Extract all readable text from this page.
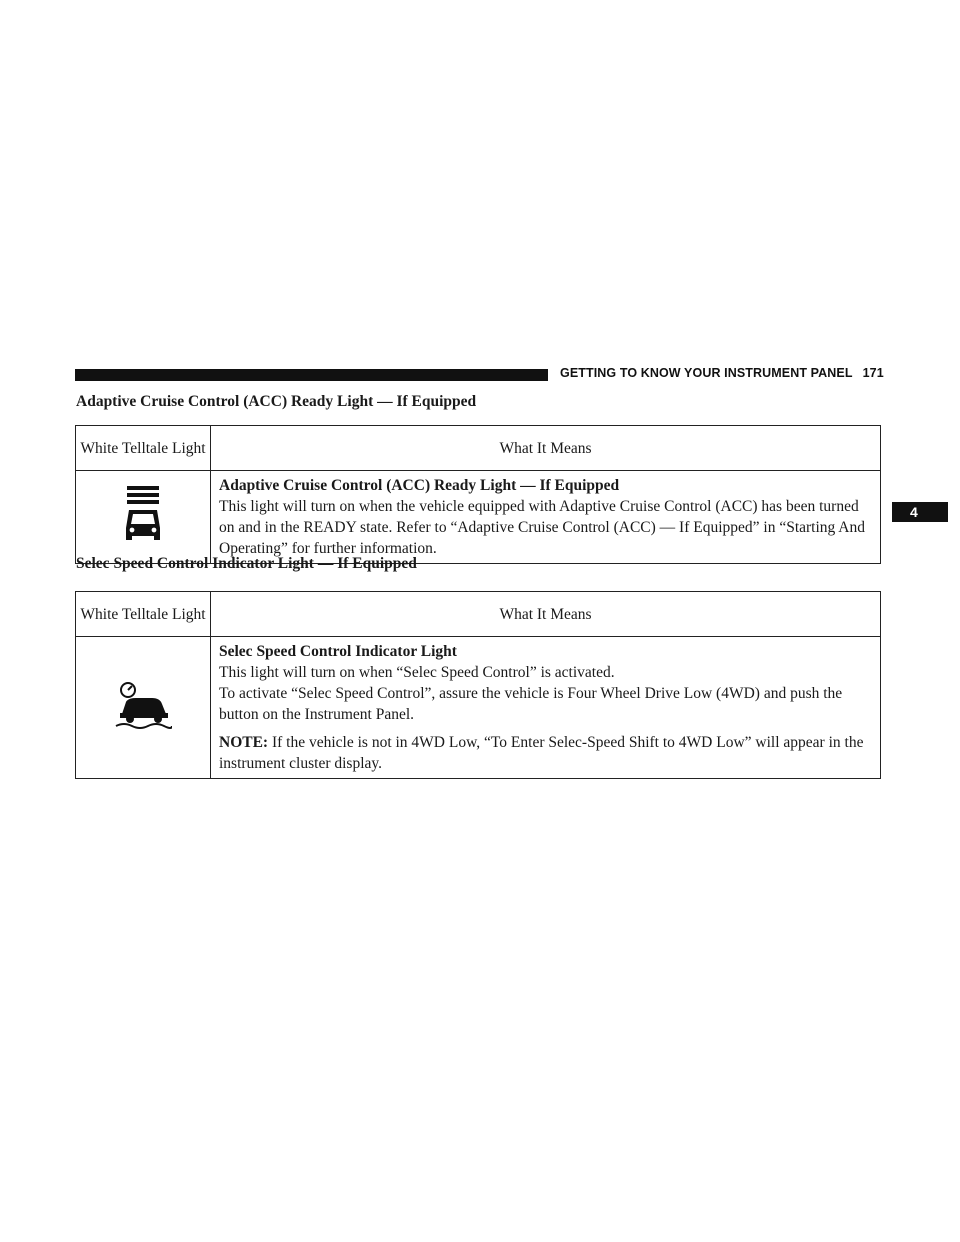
GETTING TO KNOW YOUR INSTRUMENT PANEL 171
4
Adaptive Cruise Control (ACC) Ready Light — If Equipped
White Telltale Light	What It Means

Adaptive Cruise Control (ACC) Ready Light — If Equipped

This light will turn on when the vehicle equipped with Adaptive Cruise Control (ACC) has been turned on and in the READY state. Refer to “Adaptive Cruise Control (ACC) — If Equipped” in “Starting And Operating” for further information.

Selec Speed Control Indicator Light — If Equipped
White Telltale Light	What It Means

Selec Speed Control Indicator Light

This light will turn on when “Selec Speed Control” is activated.

To activate “Selec Speed Control”, assure the vehicle is Four Wheel Drive Low (4WD) and push the button on the Instrument Panel.

NOTE: If the vehicle is not in 4WD Low, “To Enter Selec-Speed Shift to 4WD Low” will appear in the instrument cluster display.
